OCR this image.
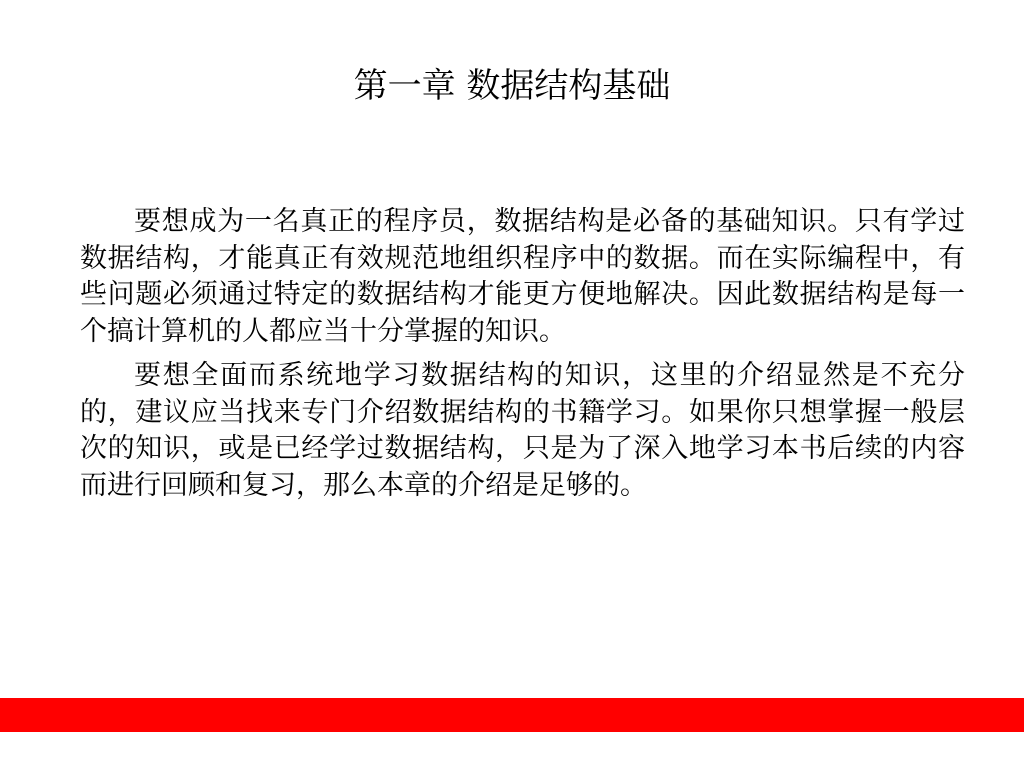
第一章 数据结构基础

要想成为一名真正的程序员，数据结构是必备的基础知识。只有学过数据结构，才能真正有效规范地组织程序中的数据。而在实际编程中，有些问题必须通过特定的数据结构才能更方便地解决。因此数据结构是每一个搞计算机的人都应当十分掌握的知识。

要想全面而系统地学习数据结构的知识，这里的介绍显然是不充分的，建议应当找来专门介绍数据结构的书籍学习。如果你只想掌握一般层次的知识，或是已经学过数据结构，只是为了深入地学习本书后续的内容而进行回顾和复习，那么本章的介绍是足够的。
